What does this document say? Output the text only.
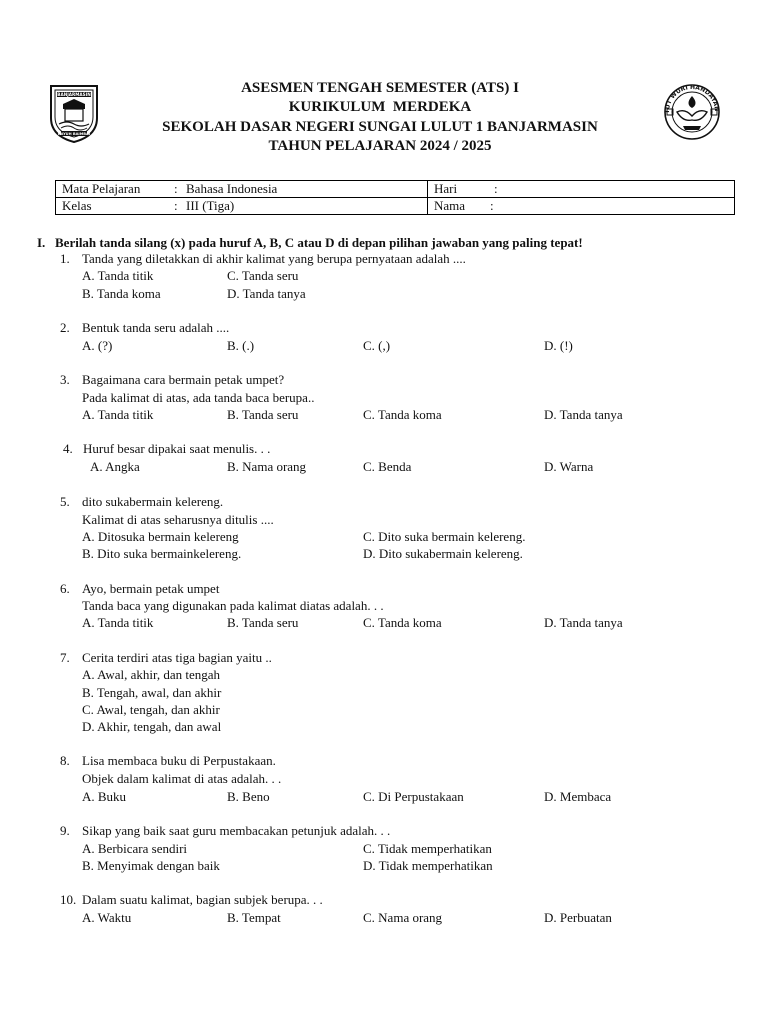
BANJARMASIN
KAYUH BAIMBAI
TUT WURI HANDAYAN
ASESMEN TENGAH SEMESTER (ATS) I
KURIKULUM  MERDEKA
SEKOLAH DASAR NEGERI SUNGAI LULUT 1 BANJARMASIN
TAHUN PELAJARAN 2024 / 2025
Mata Pelajaran : Bahasa Indonesia	Hari :
Kelas : III (Tiga)	Nama :
I. Berilah tanda silang (x) pada huruf A, B, C atau D di depan pilihan jawaban yang paling tepat!
1. Tanda yang diletakkan di akhir kalimat yang berupa pernyataan adalah ....
A. Tanda titik	C. Tanda seru
B. Tanda koma	D. Tanda tanya
2. Bentuk tanda seru adalah ....
A. (?)	B. (.)	C. (,)	D. (!)
3. Bagaimana cara bermain petak umpet?
Pada kalimat di atas, ada tanda baca berupa..
A. Tanda titik	B. Tanda seru	C. Tanda koma	D. Tanda tanya
4. Huruf besar dipakai saat menulis. . .
A. Angka	B. Nama orang	C. Benda	D. Warna
5. dito sukabermain kelereng.
Kalimat di atas seharusnya ditulis ....
A. Ditosuka bermain kelereng	C. Dito suka bermain kelereng.
B. Dito suka bermainkelereng.	D. Dito sukabermain kelereng.
6. Ayo, bermain petak umpet
Tanda baca yang digunakan pada kalimat diatas adalah. . .
A. Tanda titik	B. Tanda seru	C. Tanda koma	D. Tanda tanya
7. Cerita terdiri atas tiga bagian yaitu ..
A. Awal, akhir, dan tengah
B. Tengah, awal, dan akhir
C. Awal, tengah, dan akhir
D. Akhir, tengah, dan awal
8. Lisa membaca buku di Perpustakaan.
Objek dalam kalimat di atas adalah. . .
A. Buku	B. Beno	C. Di Perpustakaan	D. Membaca
9. Sikap yang baik saat guru membacakan petunjuk adalah. . .
A. Berbicara sendiri	C. Tidak memperhatikan
B. Menyimak dengan baik	D. Tidak memperhatikan
10. Dalam suatu kalimat, bagian subjek berupa. . .
A. Waktu	B. Tempat	C. Nama orang	D. Perbuatan
